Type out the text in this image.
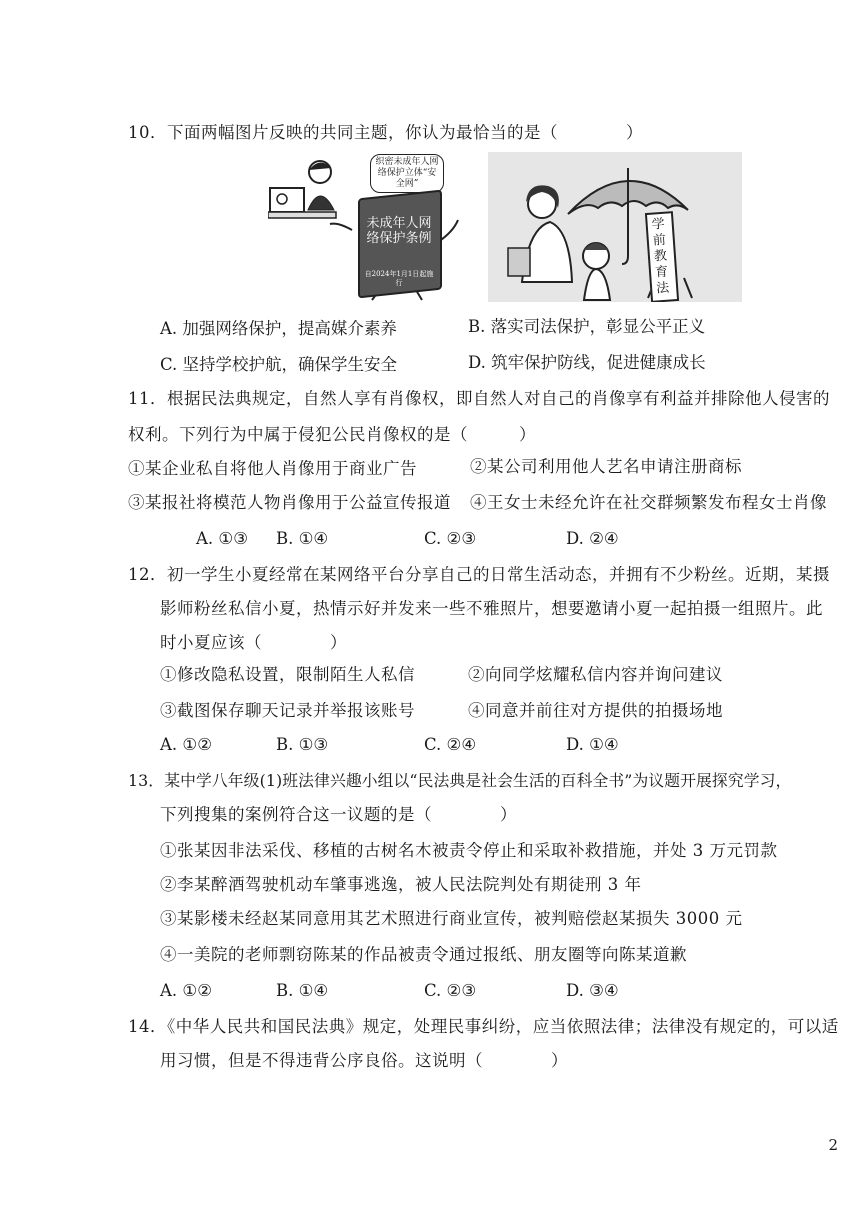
10．下面两幅图片反映的共同主题，你认为最恰当的是（　　　　）
织密未成年人网络保护立体“安全网”
未成年人网络保护条例
自2024年1月1日起施行
学前教育法
A. 加强网络保护，提高媒介素养	B. 落实司法保护，彰显公平正义
C. 坚持学校护航，确保学生安全	D. 筑牢保护防线，促进健康成长
11．根据民法典规定，自然人享有肖像权，即自然人对自己的肖像享有利益并排除他人侵害的
权利。下列行为中属于侵犯公民肖像权的是（　　　）
①某企业私自将他人肖像用于商业广告	②某公司利用他人艺名申请注册商标
③某报社将模范人物肖像用于公益宣传报道 ④王女士未经允许在社交群频繁发布程女士肖像
A. ①③ B. ①④	C. ②③	D. ②④
12．初一学生小夏经常在某网络平台分享自己的日常生活动态，并拥有不少粉丝。近期，某摄
影师粉丝私信小夏，热情示好并发来一些不雅照片，想要邀请小夏一起拍摄一组照片。此
时小夏应该（　　　　）
①修改隐私设置，限制陌生人私信	②向同学炫耀私信内容并询问建议
③截图保存聊天记录并举报该账号	④同意并前往对方提供的拍摄场地
A. ①②	B. ①③	C. ②④	D. ①④
13．某中学八年级(1)班法律兴趣小组以“民法典是社会生活的百科全书”为议题开展探究学习，
下列搜集的案例符合这一议题的是（　　　　）
①张某因非法采伐、移植的古树名木被责令停止和采取补救措施，并处 3 万元罚款
②李某醉酒驾驶机动车肇事逃逸，被人民法院判处有期徒刑 3 年
③某影楼未经赵某同意用其艺术照进行商业宣传，被判赔偿赵某损失 3000 元
④一美院的老师剽窃陈某的作品被责令通过报纸、朋友圈等向陈某道歉
A. ①②	B. ①④	C. ②③	D. ③④
14．《中华人民共和国民法典》规定，处理民事纠纷，应当依照法律；法律没有规定的，可以适
用习惯，但是不得违背公序良俗。这说明（　　　　）
2
